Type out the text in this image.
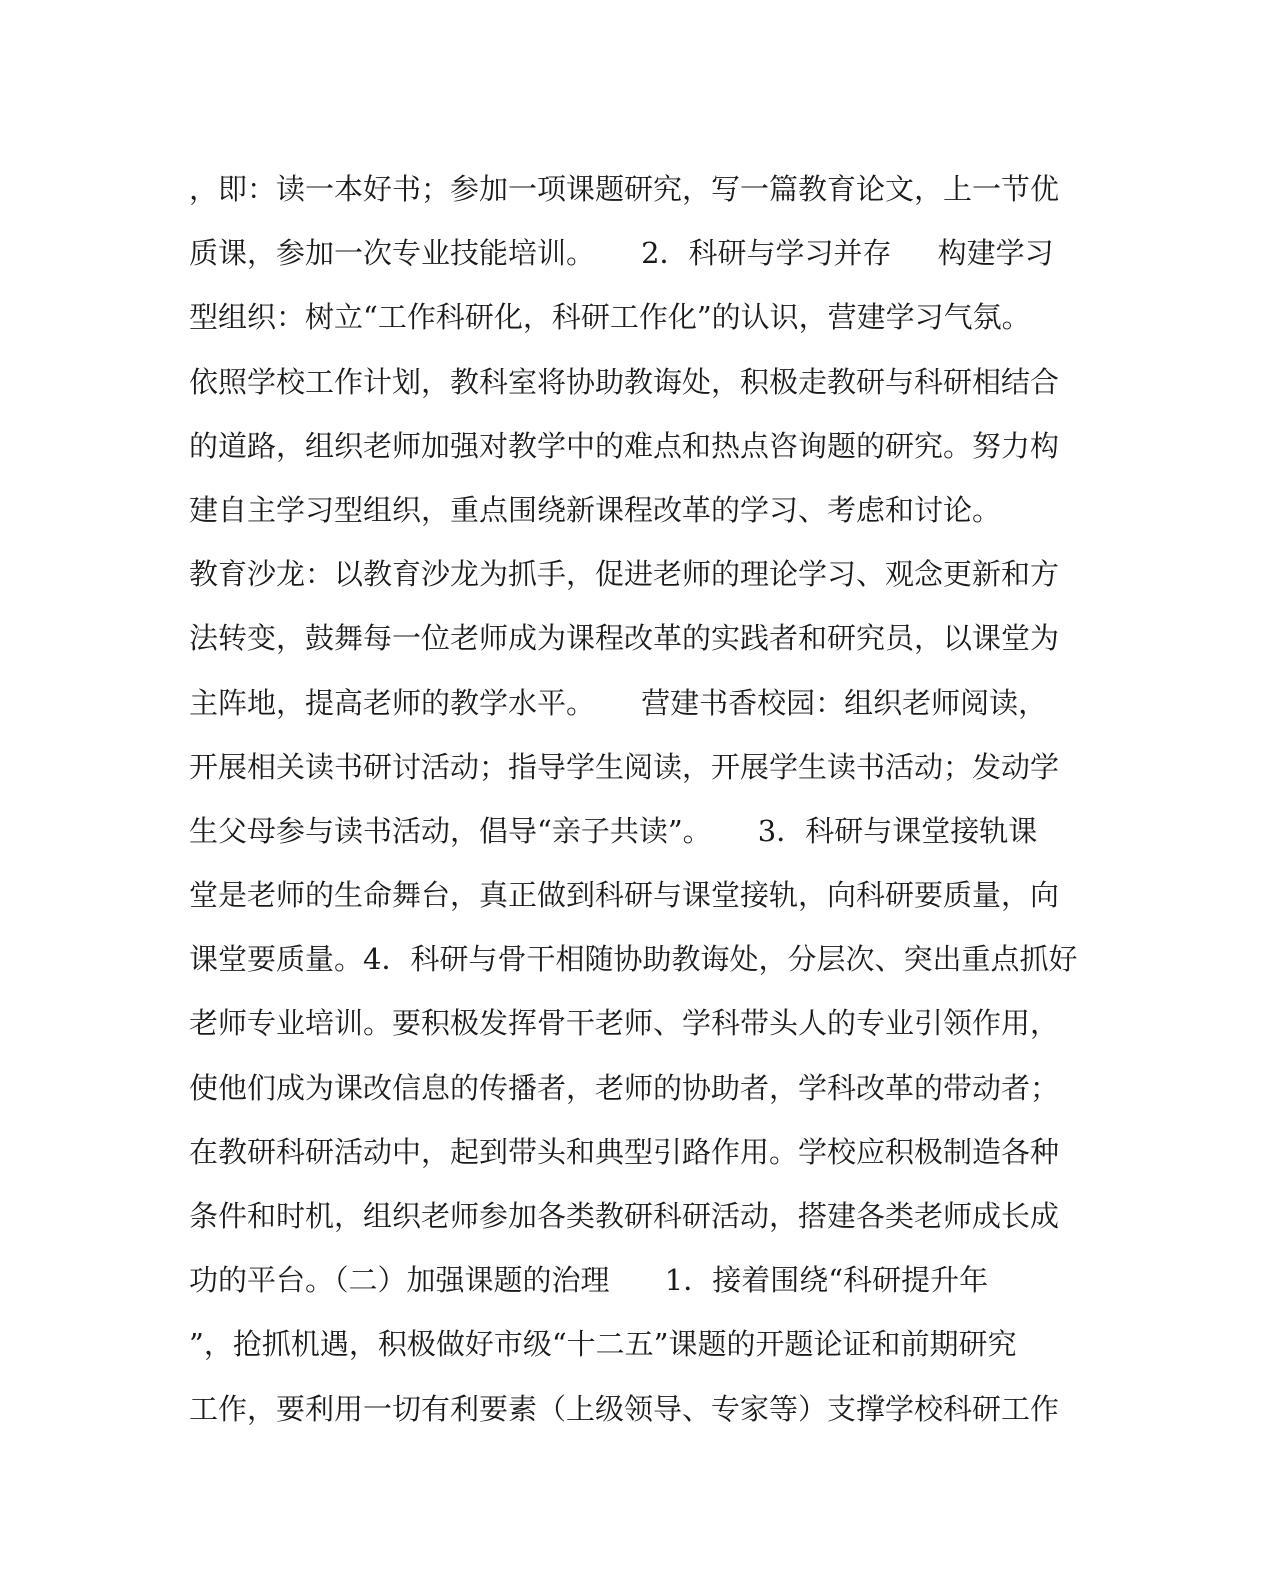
，即：读一本好书；参加一项课题研究，写一篇教育论文，上一节优
质课，参加一次专业技能培训。     2．科研与学习并存     构建学习
型组织：树立“工作科研化，科研工作化”的认识，营建学习气氛。
依照学校工作计划，教科室将协助教诲处，积极走教研与科研相结合
的道路，组织老师加强对教学中的难点和热点咨询题的研究。努力构
建自主学习型组织，重点围绕新课程改革的学习、考虑和讨论。
教育沙龙：以教育沙龙为抓手，促进老师的理论学习、观念更新和方
法转变，鼓舞每一位老师成为课程改革的实践者和研究员，以课堂为
主阵地，提高老师的教学水平。     营建书香校园：组织老师阅读，
开展相关读书研讨活动；指导学生阅读，开展学生读书活动；发动学
生父母参与读书活动，倡导“亲子共读”。     3．科研与课堂接轨课
堂是老师的生命舞台，真正做到科研与课堂接轨，向科研要质量，向
课堂要质量。4．科研与骨干相随协助教诲处，分层次、突出重点抓好
老师专业培训。要积极发挥骨干老师、学科带头人的专业引领作用，
使他们成为课改信息的传播者，老师的协助者，学科改革的带动者；
在教研科研活动中，起到带头和典型引路作用。学校应积极制造各种
条件和时机，组织老师参加各类教研科研活动，搭建各类老师成长成
功的平台。（二）加强课题的治理      1．接着围绕“科研提升年
”，抢抓机遇，积极做好市级“十二五”课题的开题论证和前期研究
工作，要利用一切有利要素（上级领导、专家等）支撑学校科研工作
